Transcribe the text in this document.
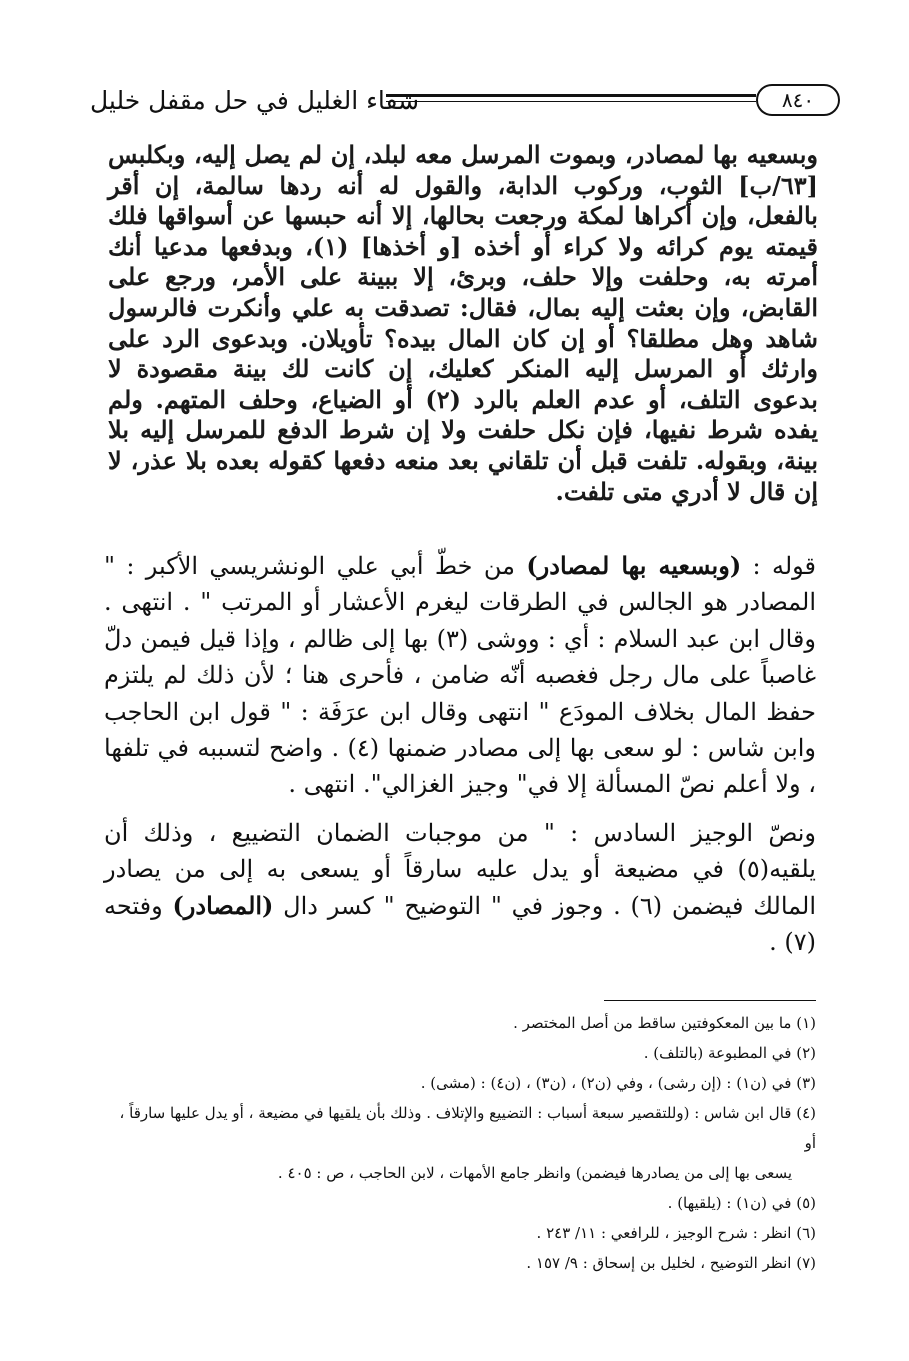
شفاء الغليل في حل مقفل خليل	٨٤٠

وبسعيه بها لمصادر، وبموت المرسل معه لبلد، إن لم يصل إليه، وبكلبس [٦٣/ب] الثوب، وركوب الدابة، والقول له أنه ردها سالمة، إن أقر بالفعل، وإن أكراها لمكة ورجعت بحالها، إلا أنه حبسها عن أسواقها فلك قيمته يوم كرائه ولا كراء أو أخذه [و أخذها] (١)، وبدفعها مدعيا أنك أمرته به، وحلفت وإلا حلف، وبرئ، إلا ببينة على الأمر، ورجع على القابض، وإن بعثت إليه بمال، فقال: تصدقت به علي وأنكرت فالرسول شاهد وهل مطلقا؟ أو إن كان المال بيده؟ تأويلان. وبدعوى الرد على وارثك أو المرسل إليه المنكر كعليك، إن كانت لك بينة مقصودة لا بدعوى التلف، أو عدم العلم بالرد (٢) أو الضياع، وحلف المتهم. ولم يفده شرط نفيها، فإن نكل حلفت ولا إن شرط الدفع للمرسل إليه بلا بينة، وبقوله. تلفت قبل أن تلقاني بعد منعه دفعها كقوله بعده بلا عذر، لا إن قال لا أدري متى تلفت.

قوله : (وبسعيه بها لمصادر) من خطّ أبي علي الونشريسي الأكبر : " المصادر هو الجالس في الطرقات ليغرم الأعشار أو المرتب " . انتهى . وقال ابن عبد السلام : أي : ووشى (٣) بها إلى ظالم ، وإذا قيل فيمن دلّ غاصباً على مال رجل فغصبه أنّه ضامن ، فأحرى هنا ؛ لأن ذلك لم يلتزم حفظ المال بخلاف المودَع " انتهى وقال ابن عرَفَة : " قول ابن الحاجب وابن شاس : لو سعى بها إلى مصادر ضمنها (٤) . واضح لتسببه في تلفها ، ولا أعلم نصّ المسألة إلا في" وجيز الغزالي". انتهى .

ونصّ الوجيز السادس : " من موجبات الضمان التضييع ، وذلك أن يلقيه(٥) في مضيعة أو يدل عليه سارقاً أو يسعى به إلى من يصادر المالك فيضمن (٦) . وجوز في " التوضيح " كسر دال (المصادر) وفتحه (٧) .

(١) ما بين المعكوفتين ساقط من أصل المختصر .
(٢) في المطبوعة (بالتلف) .
(٣) في (ن١) : (إن رشى) ، وفي (ن٢) ، (ن٣) ، (ن٤) : (مشى) .
(٤) قال ابن شاس : (وللتقصير سبعة أسباب : التضييع والإتلاف . وذلك بأن يلقيها في مضيعة ، أو يدل عليها سارقاً ، أو
يسعى بها إلى من يصادرها فيضمن) وانظر جامع الأمهات ، لابن الحاجب ، ص : ٤٠٥ .
(٥) في (ن١) : (يلقيها) .
(٦) انظر : شرح الوجيز ، للرافعي : ١١/ ٢٤٣ .
(٧) انظر التوضيح ، لخليل بن إسحاق : ٩/ ١٥٧ .
